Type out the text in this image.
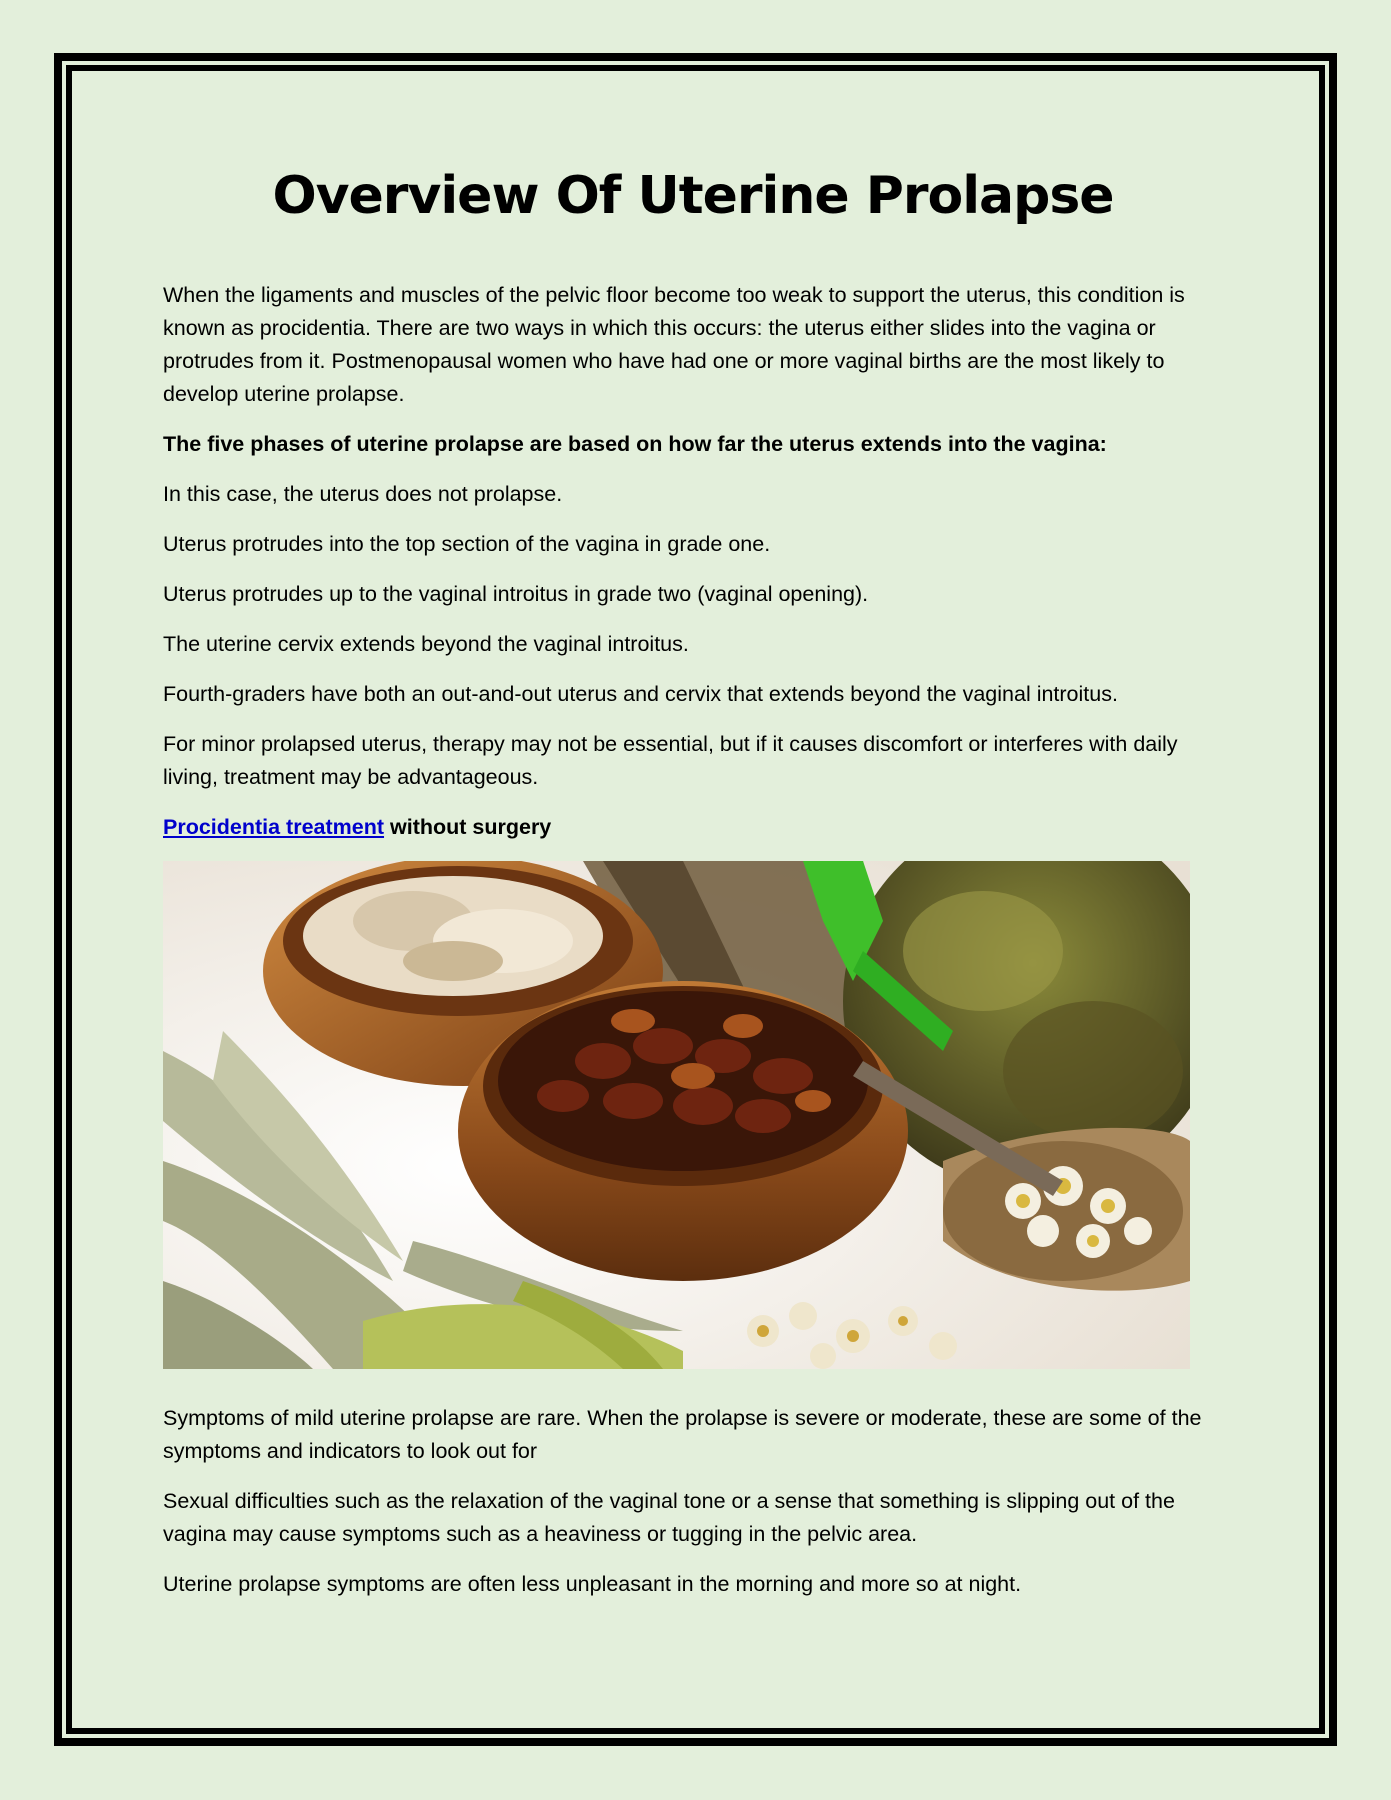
Overview Of Uterine Prolapse

When the ligaments and muscles of the pelvic floor become too weak to support the uterus, this condition is known as procidentia. There are two ways in which this occurs: the uterus either slides into the vagina or protrudes from it. Postmenopausal women who have had one or more vaginal births are the most likely to develop uterine prolapse.

The five phases of uterine prolapse are based on how far the uterus extends into the vagina:

In this case, the uterus does not prolapse.

Uterus protrudes into the top section of the vagina in grade one.

Uterus protrudes up to the vaginal introitus in grade two (vaginal opening).

The uterine cervix extends beyond the vaginal introitus.

Fourth-graders have both an out-and-out uterus and cervix that extends beyond the vaginal introitus.

For minor prolapsed uterus, therapy may not be essential, but if it causes discomfort or interferes with daily living, treatment may be advantageous.

Procidentia treatment without surgery

Symptoms of mild uterine prolapse are rare. When the prolapse is severe or moderate, these are some of the symptoms and indicators to look out for

Sexual difficulties such as the relaxation of the vaginal tone or a sense that something is slipping out of the vagina may cause symptoms such as a heaviness or tugging in the pelvic area.

Uterine prolapse symptoms are often less unpleasant in the morning and more so at night.
